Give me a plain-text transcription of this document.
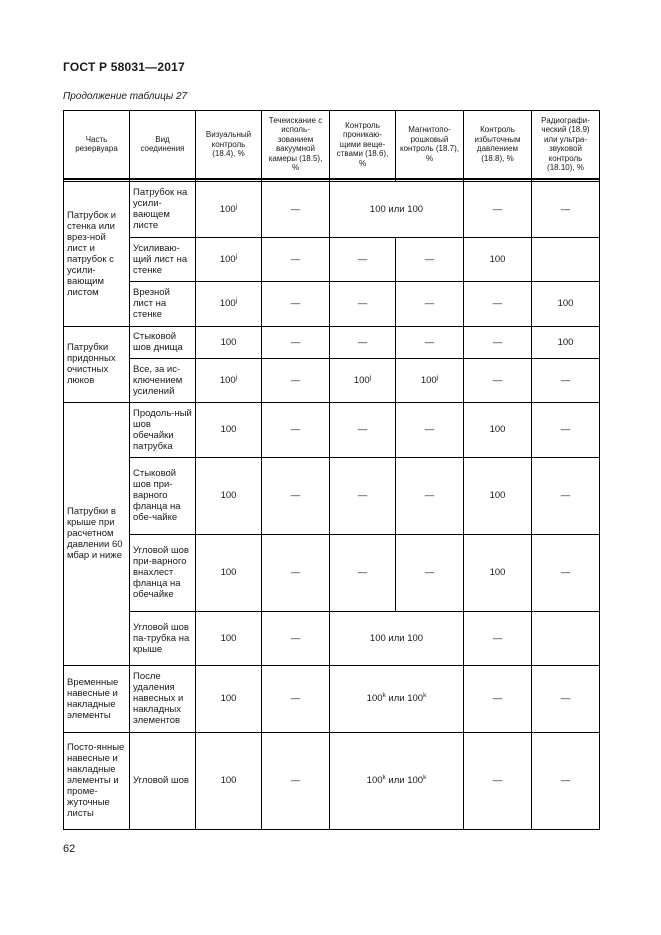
ГОСТ Р 58031—2017
Продолжение таблицы 27
Часть резервуара	Вид соединения	Визуальный контроль (18.4), %	Течеискание с исполь-зованием вакуумной камеры (18.5), %	Контроль проникаю-щими веще-ствами (18.6), %	Магнитопо-рошковый контроль (18.7), %	Контроль избыточным давлением (18.8), %	Радиографи-ческий (18.9) или ультра-звуковой контроль (18.10), %

Патрубок и стенка или врез-ной лист и патрубок с усили-вающим листом	Патрубок на усили-вающем листе	100$^j$	—	100 или 100		—	—
	Усиливаю-щий лист на стенке	100$^j$	—	—	—	100	
	Врезной лист на стенке	100$^j$	—	—	—	—	100
Патрубки придонных очистных люков	Стыковой шов днища	100	—	—	—	—	100
	Все, за ис-ключением усилений	100$^j$	—	100$^j$	100$^j$	—	—
Патрубки в крыше при расчетном давлении 60 мбар и ниже	Продоль-ный шов обечайки патрубка	100	—	—	—	100	—
	Стыковой шов при-варного фланца на обе-чайке	100	—	—	—	100	—
	Угловой шов при-варного внахлест фланца на обечайке	100	—	—	—	100	—
	Угловой шов па-трубка на крыше	100	—	100 или 100		—	
Временные навесные и накладные элементы	После удаления навесных и накладных элементов	100	—	100$^k$ или 100$^k$		—	—
Посто-янные навесные и накладные элементы и проме-жуточные листы	Угловой шов	100	—	100$^k$ или 100$^k$		—	—
62
